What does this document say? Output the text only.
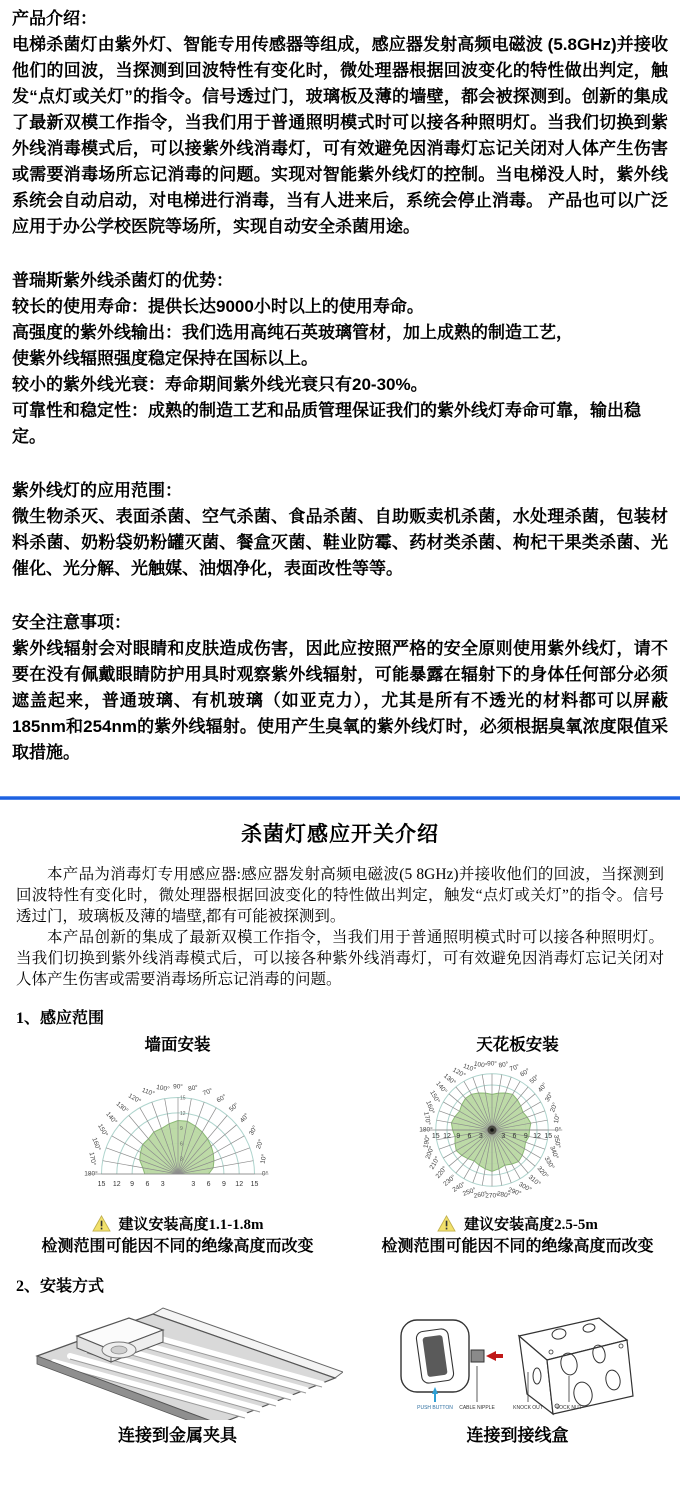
产品介绍：

电梯杀菌灯由紫外灯、智能专用传感器等组成，感应器发射高频电磁波 (5.8GHz)并接收他们的回波，当探测到回波特性有变化时，微处理器根据回波变化的特性做出判定，触发“点灯或关灯”的指令。信号透过门，玻璃板及薄的墙壁，都会被探测到。创新的集成了最新双模工作指令，当我们用于普通照明模式时可以接各种照明灯。当我们切换到紫外线消毒模式后，可以接紫外线消毒灯，可有效避免因消毒灯忘记关闭对人体产生伤害或需要消毒场所忘记消毒的问题。实现对智能紫外线灯的控制。当电梯没人时，紫外线系统会自动启动，对电梯进行消毒，当有人进来后，系统会停止消毒。 产品也可以广泛应用于办公学校医院等场所，实现自动安全杀菌用途。

普瑞斯紫外线杀菌灯的优势：
较长的使用寿命：提供长达9000小时以上的使用寿命。
高强度的紫外线输出：我们选用高纯石英玻璃管材，加上成熟的制造工艺，
使紫外线辐照强度稳定保持在国标以上。
较小的紫外线光衰：寿命期间紫外线光衰只有20-30%。
可靠性和稳定性：成熟的制造工艺和品质管理保证我们的紫外线灯寿命可靠，输出稳定。
紫外线灯的应用范围：

微生物杀灭、表面杀菌、空气杀菌、食品杀菌、自助贩卖机杀菌，水处理杀菌，包装材料杀菌、奶粉袋奶粉罐灭菌、餐盒灭菌、鞋业防霉、药材类杀菌、枸杞干果类杀菌、光催化、光分解、光触媒、油烟净化，表面改性等等。

安全注意事项：

紫外线辐射会对眼睛和皮肤造成伤害，因此应按照严格的安全原则使用紫外线灯，请不要在没有佩戴眼睛防护用具时观察紫外线辐射，可能暴露在辐射下的身体任何部分必须遮盖起来，普通玻璃、有机玻璃（如亚克力），尤其是所有不透光的材料都可以屏蔽185nm和254nm的紫外线辐射。使用产生臭氧的紫外线灯时，必须根据臭氧浓度限值采取措施。

杀菌灯感应开关介绍

本产品为消毒灯专用感应器:感应器发射高频电磁波(5 8GHz)并接收他们的回波，当探测到回波特性有变化时，微处理器根据回波变化的特性做出判定，触发“点灯或关灯”的指令。信号透过门，玻璃板及薄的墙壁,都有可能被探测到。

本产品创新的集成了最新双模工作指令，当我们用于普通照明模式时可以接各种照明灯。当我们切换到紫外线消毒模式后，可以接各种紫外线消毒灯，可有效避免因消毒灯忘记关闭对人体产生伤害或需要消毒场所忘记消毒的问题。

1、感应范围
墙面安装
0°
10°
20°
30°
40°
50°
60°
70°
80°
90°
100°
110°
120°
130°
140°
150°
160°
170°
180°
3	3
6	6
9	9
12	12
15	15
3
6
9
12
15
建议安装高度1.1-1.8m
检测范围可能因不同的绝缘高度而改变
天花板安装
0°
10°
20°
30°
40°
50°
60°
70°
80°
90°
100°
110°
120°
130°
140°
150°
160°
170°
180°
190°
200°
210°
220°
230°
240°
250°
260°
270°
280°
290°
300°
310°
320°
330°
340°
350°
3	3
6	6
9	9
12	12
15	15
建议安装高度2.5-5m
检测范围可能因不同的绝缘高度而改变
2、安装方式
连接到金属夹具
PUSH BUTTON CABLE NIPPLE	KNOCK OUT	LOCK NUT
连接到接线盒
